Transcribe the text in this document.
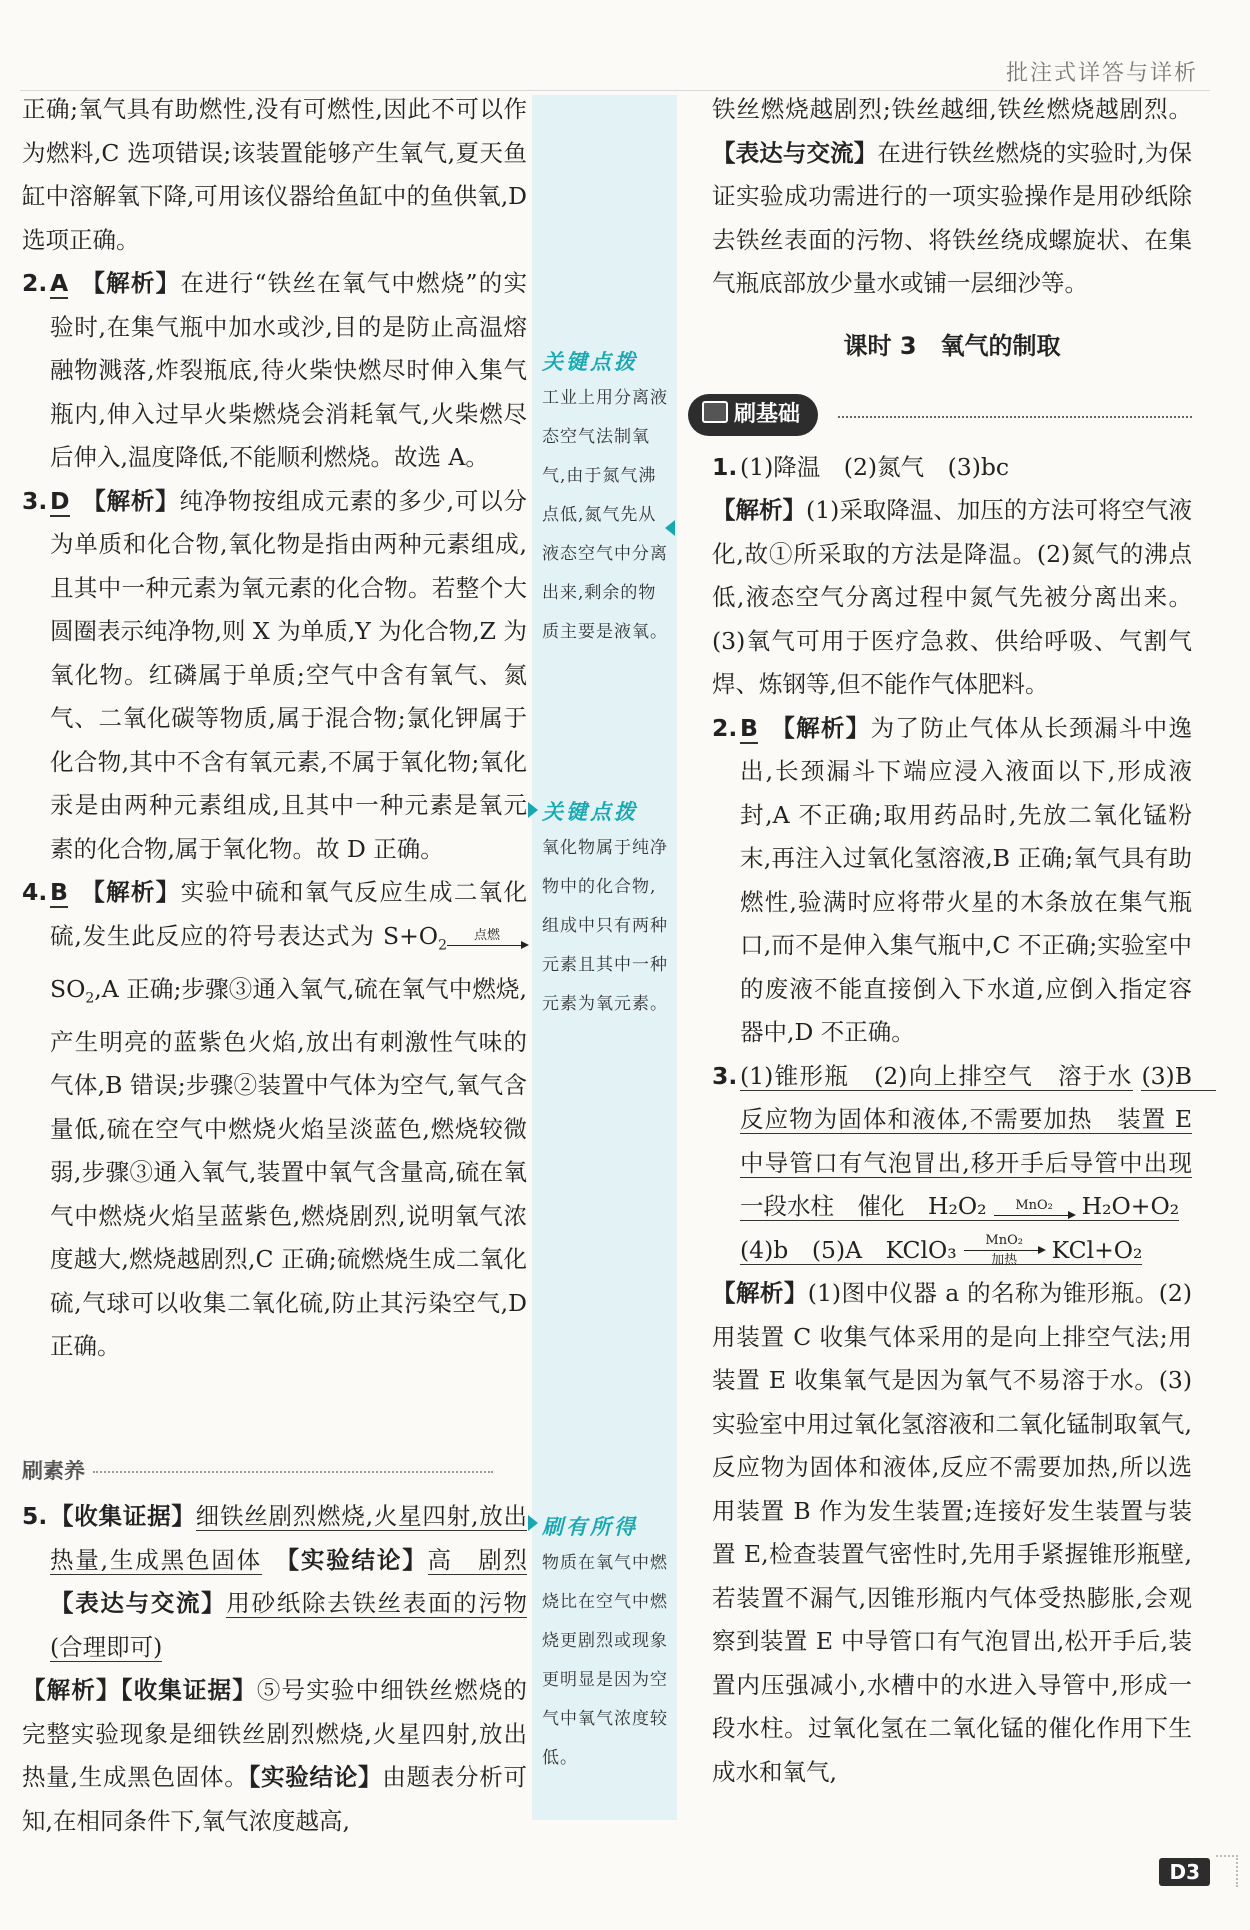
批注式详答与详析

正确;氧气具有助燃性,没有可燃性,因此不可以作为燃料,C 选项错误;该装置能够产生氧气,夏天鱼缸中溶解氧下降,可用该仪器给鱼缸中的鱼供氧,D 选项正确。

2. A 【解析】在进行“铁丝在氧气中燃烧”的实验时,在集气瓶中加水或沙,目的是防止高温熔融物溅落,炸裂瓶底,待火柴快燃尽时伸入集气瓶内,伸入过早火柴燃烧会消耗氧气,火柴燃尽后伸入,温度降低,不能顺利燃烧。故选 A。

3. D 【解析】纯净物按组成元素的多少,可以分为单质和化合物,氧化物是指由两种元素组成,且其中一种元素为氧元素的化合物。若整个大圆圈表示纯净物,则 X 为单质,Y 为化合物,Z 为氧化物。红磷属于单质;空气中含有氧气、氮气、二氧化碳等物质,属于混合物;氯化钾属于化合物,其中不含有氧元素,不属于氧化物;氧化汞是由两种元素组成,且其中一种元素是氧元素的化合物,属于氧化物。故 D 正确。

4. B 【解析】实验中硫和氧气反应生成二氧化硫,发生此反应的符号表达式为 $S+O_2$点燃
$SO_2,A$ 正确;步骤③通入氧气,硫在氧气中燃烧,产生明亮的蓝紫色火焰,放出有刺激性气味的气体,B 错误;步骤②装置中气体为空气,氧气含量低,硫在空气中燃烧火焰呈淡蓝色,燃烧较微弱,步骤③通入氧气,装置中氧气含量高,硫在氧气中燃烧火焰呈蓝紫色,燃烧剧烈,说明氧气浓度越大,燃烧越剧烈,C 正确;硫燃烧生成二氧化硫,气球可以收集二氧化硫,防止其污染空气,D 正确。

刷素养

5. 【收集证据】细铁丝剧烈燃烧,火星四射,放出热量,生成黑色固体　 【实验结论】高　剧烈　【表达与交流】用砂纸除去铁丝表面的污物(合理即可)

【解析】【收集证据】⑤号实验中细铁丝燃烧的完整实验现象是细铁丝剧烈燃烧,火星四射,放出热量,生成黑色固体。【实验结论】由题表分析可知,在相同条件下,氧气浓度越高,

关键点拨
工业上用分离液态空气法制氧气,由于氮气沸点低,氮气先从液态空气中分离出来,剩余的物质主要是液氧。
关键点拨
氧化物属于纯净物中的化合物,组成中只有两种元素且其中一种元素为氧元素。
刷有所得
物质在氧气中燃烧比在空气中燃烧更剧烈或现象更明显是因为空气中氧气浓度较低。

铁丝燃烧越剧烈;铁丝越细,铁丝燃烧越剧烈。【表达与交流】在进行铁丝燃烧的实验时,为保证实验成功需进行的一项实验操作是用砂纸除去铁丝表面的污物、将铁丝绕成螺旋状、在集气瓶底部放少量水或铺一层细沙等。

课时 3　氧气的制取
刷基础

1. (1)降温　(2)氮气　(3)bc

【解析】(1)采取降温、加压的方法可将空气液化,故①所采取的方法是降温。(2)氮气的沸点低,液态空气分离过程中氮气先被分离出来。(3)氧气可用于医疗急救、供给呼吸、气割气焊、炼钢等,但不能作气体肥料。

2. B 【解析】为了防止气体从长颈漏斗中逸出,长颈漏斗下端应浸入液面以下,形成液封,A 不正确;取用药品时,先放二氧化锰粉末,再注入过氧化氢溶液,B 正确;氧气具有助燃性,验满时应将带火星的木条放在集气瓶口,而不是伸入集气瓶中,C 不正确;实验室中的废液不能直接倒入下水道,应倒入指定容器中,D 不正确。

3. (1)锥形瓶　(2)向上排空气　溶于水 (3)B　反应物为固体和液体,不需要加热　装置 E 中导管口有气泡冒出,移开手后导管中出现一段水柱　催化　H₂O₂ MnO₂ H₂O+O₂
(4)b　(5)A　KClO₃ MnO₂
加热	KCl+O₂

【解析】(1)图中仪器 a 的名称为锥形瓶。(2)用装置 C 收集气体采用的是向上排空气法;用装置 E 收集氧气是因为氧气不易溶于水。(3)实验室中用过氧化氢溶液和二氧化锰制取氧气,反应物为固体和液体,反应不需要加热,所以选用装置 B 作为发生装置;连接好发生装置与装置 E,检查装置气密性时,先用手紧握锥形瓶壁,若装置不漏气,因锥形瓶内气体受热膨胀,会观察到装置 E 中导管口有气泡冒出,松开手后,装置内压强减小,水槽中的水进入导管中,形成一段水柱。过氧化氢在二氧化锰的催化作用下生成水和氧气,

D3
